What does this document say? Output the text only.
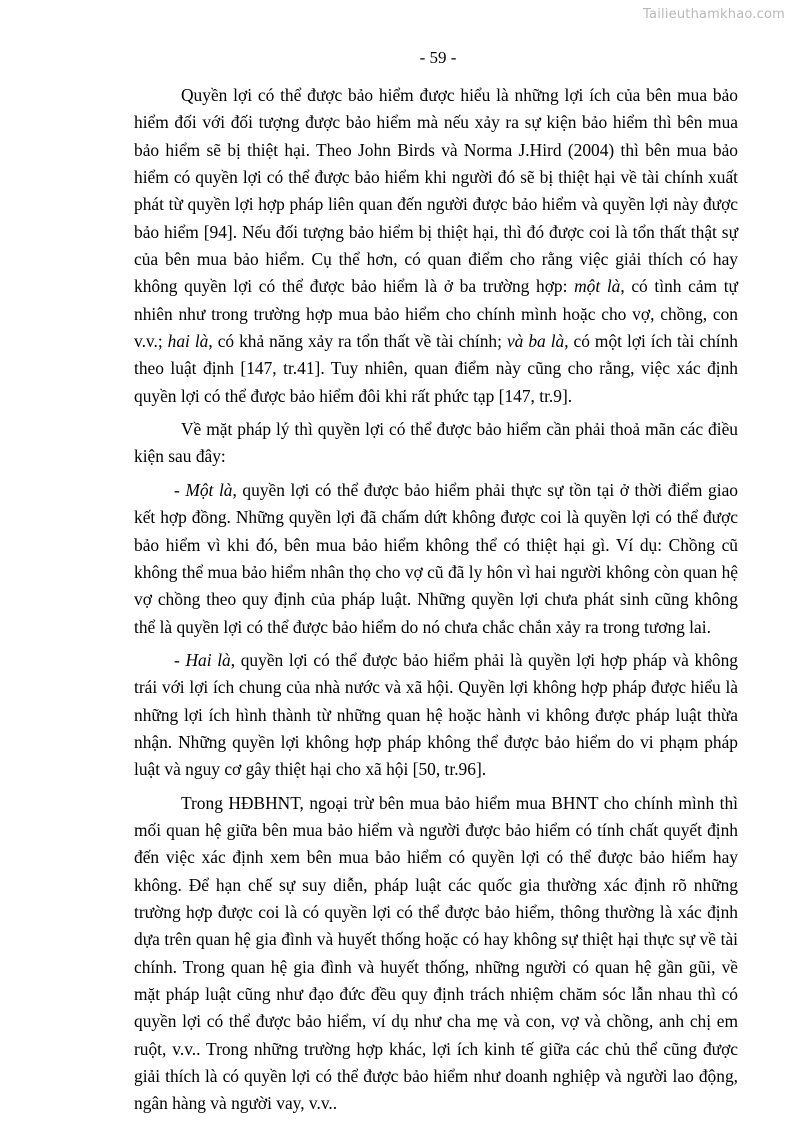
Tailieuthamkhao.com
- 59 -

Quyền lợi có thể được bảo hiểm được hiểu là những lợi ích của bên mua bảo hiểm đối với đối tượng được bảo hiểm mà nếu xảy ra sự kiện bảo hiểm thì bên mua bảo hiểm sẽ bị thiệt hại. Theo John Birds và Norma J.Hird (2004) thì bên mua bảo hiểm có quyền lợi có thể được bảo hiểm khi người đó sẽ bị thiệt hại về tài chính xuất phát từ quyền lợi hợp pháp liên quan đến người được bảo hiểm và quyền lợi này được bảo hiểm [94]. Nếu đối tượng bảo hiểm bị thiệt hại, thì đó được coi là tổn thất thật sự của bên mua bảo hiểm. Cụ thể hơn, có quan điểm cho rằng việc giải thích có hay không quyền lợi có thể được bảo hiểm là ở ba trường hợp: một là, có tình cảm tự nhiên như trong trường hợp mua bảo hiểm cho chính mình hoặc cho vợ, chồng, con v.v.; hai là, có khả năng xảy ra tổn thất về tài chính; và ba là, có một lợi ích tài chính theo luật định [147, tr.41]. Tuy nhiên, quan điểm này cũng cho rằng, việc xác định quyền lợi có thể được bảo hiểm đôi khi rất phức tạp [147, tr.9].

Về mặt pháp lý thì quyền lợi có thể được bảo hiểm cần phải thoả mãn các điều kiện sau đây:

- Một là, quyền lợi có thể được bảo hiểm phải thực sự tồn tại ở thời điểm giao kết hợp đồng. Những quyền lợi đã chấm dứt không được coi là quyền lợi có thể được bảo hiểm vì khi đó, bên mua bảo hiểm không thể có thiệt hại gì. Ví dụ: Chồng cũ không thể mua bảo hiểm nhân thọ cho vợ cũ đã ly hôn vì hai người không còn quan hệ vợ chồng theo quy định của pháp luật. Những quyền lợi chưa phát sinh cũng không thể là quyền lợi có thể được bảo hiểm do nó chưa chắc chắn xảy ra trong tương lai.

- Hai là, quyền lợi có thể được bảo hiểm phải là quyền lợi hợp pháp và không trái với lợi ích chung của nhà nước và xã hội. Quyền lợi không hợp pháp được hiểu là những lợi ích hình thành từ những quan hệ hoặc hành vi không được pháp luật thừa nhận. Những quyền lợi không hợp pháp không thể được bảo hiểm do vi phạm pháp luật và nguy cơ gây thiệt hại cho xã hội [50, tr.96].

Trong HĐBHNT, ngoại trừ bên mua bảo hiểm mua BHNT cho chính mình thì mối quan hệ giữa bên mua bảo hiểm và người được bảo hiểm có tính chất quyết định đến việc xác định xem bên mua bảo hiểm có quyền lợi có thể được bảo hiểm hay không. Để hạn chế sự suy diễn, pháp luật các quốc gia thường xác định rõ những trường hợp được coi là có quyền lợi có thể được bảo hiểm, thông thường là xác định dựa trên quan hệ gia đình và huyết thống hoặc có hay không sự thiệt hại thực sự về tài chính. Trong quan hệ gia đình và huyết thống, những người có quan hệ gần gũi, về mặt pháp luật cũng như đạo đức đều quy định trách nhiệm chăm sóc lẫn nhau thì có quyền lợi có thể được bảo hiểm, ví dụ như cha mẹ và con, vợ và chồng, anh chị em ruột, v.v.. Trong những trường hợp khác, lợi ích kinh tế giữa các chủ thể cũng được giải thích là có quyền lợi có thể được bảo hiểm như doanh nghiệp và người lao động, ngân hàng và người vay, v.v..
